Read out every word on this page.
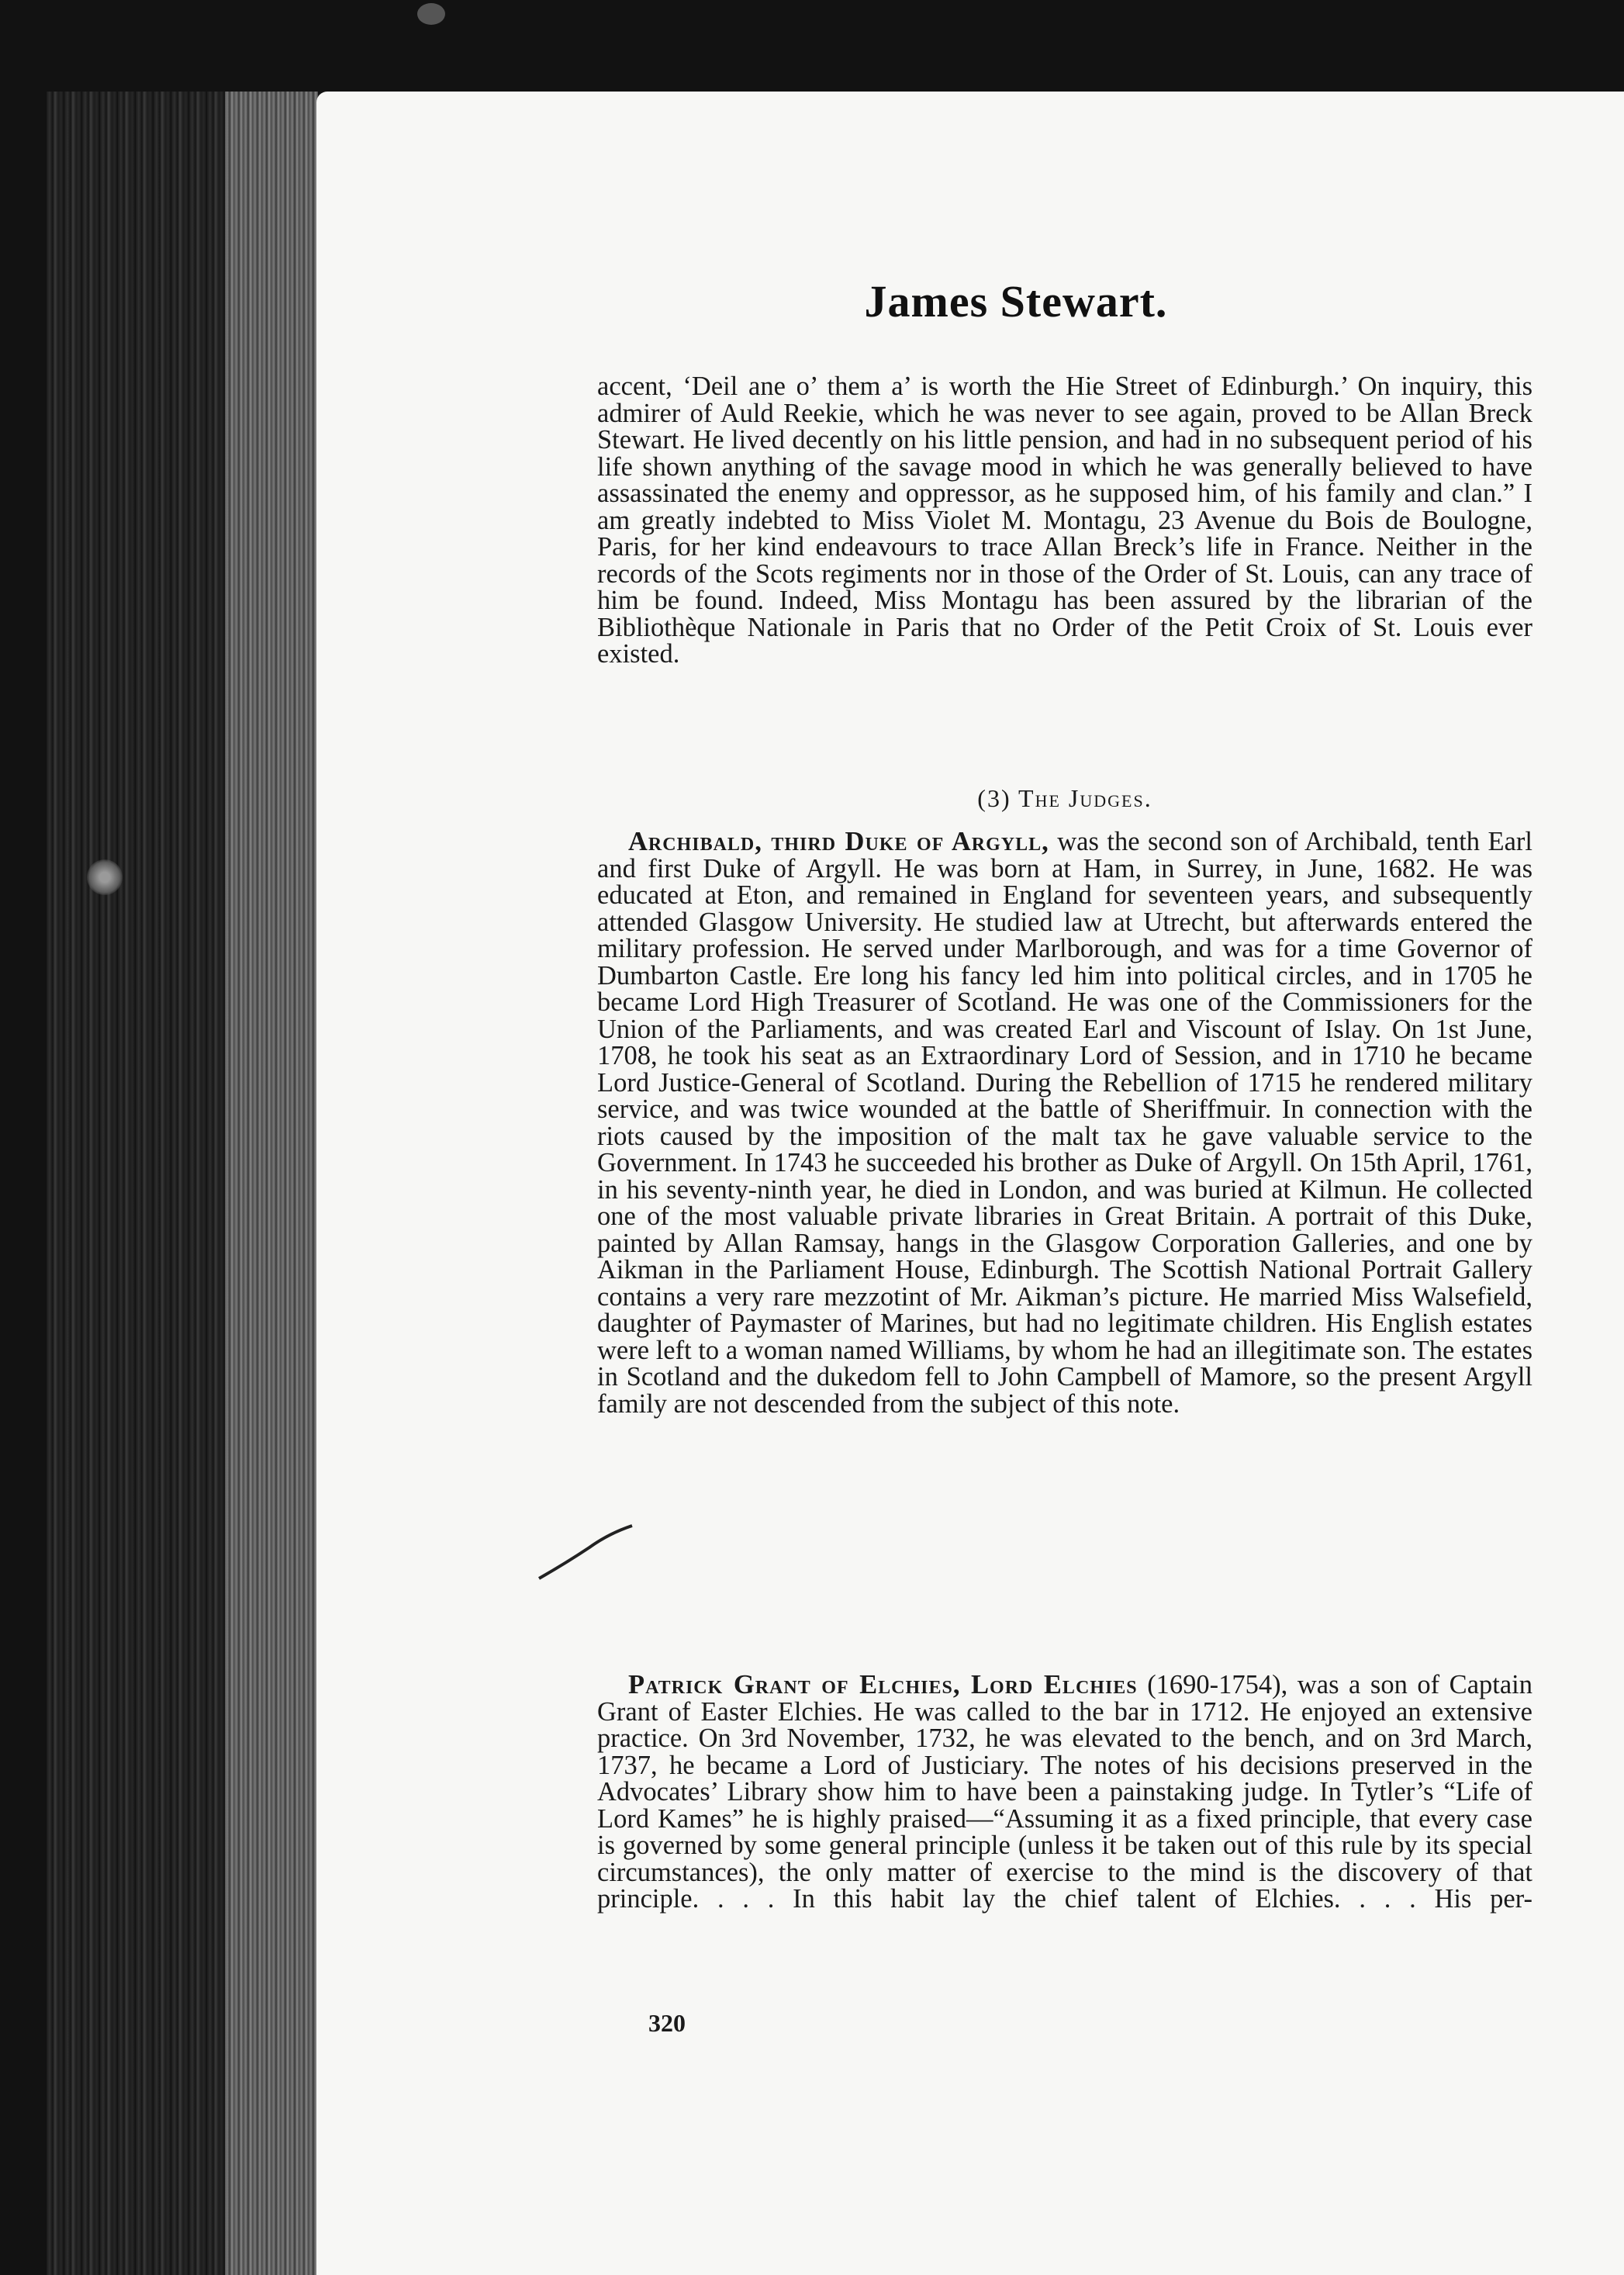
James Stewart.

accent, ‘Deil ane o’ them a’ is worth the Hie Street of Edinburgh.’ On inquiry, this admirer of Auld Reekie, which he was never to see again, proved to be Allan Breck Stewart. He lived decently on his little pension, and had in no subsequent period of his life shown anything of the savage mood in which he was generally believed to have assassinated the enemy and oppressor, as he supposed him, of his family and clan.” I am greatly indebted to Miss Violet M. Montagu, 23 Avenue du Bois de Boulogne, Paris, for her kind endeavours to trace Allan Breck’s life in France. Neither in the records of the Scots regiments nor in those of the Order of St. Louis, can any trace of him be found. Indeed, Miss Montagu has been assured by the librarian of the Bibliothèque Nationale in Paris that no Order of the Petit Croix of St. Louis ever existed.

(3) The Judges.

Archibald, third Duke of Argyll, was the second son of Archibald, tenth Earl and first Duke of Argyll. He was born at Ham, in Surrey, in June, 1682. He was educated at Eton, and remained in England for seventeen years, and subsequently attended Glasgow University. He studied law at Utrecht, but afterwards entered the military profession. He served under Marlborough, and was for a time Governor of Dumbarton Castle. Ere long his fancy led him into political circles, and in 1705 he became Lord High Treasurer of Scotland. He was one of the Commissioners for the Union of the Parliaments, and was created Earl and Viscount of Islay. On 1st June, 1708, he took his seat as an Extraordinary Lord of Session, and in 1710 he became Lord Justice-General of Scotland. During the Rebellion of 1715 he rendered military service, and was twice wounded at the battle of Sheriffmuir. In connection with the riots caused by the imposition of the malt tax he gave valuable service to the Government. In 1743 he succeeded his brother as Duke of Argyll. On 15th April, 1761, in his seventy-ninth year, he died in London, and was buried at Kilmun. He collected one of the most valuable private libraries in Great Britain. A portrait of this Duke, painted by Allan Ramsay, hangs in the Glasgow Corporation Galleries, and one by Aikman in the Parliament House, Edinburgh. The Scottish National Portrait Gallery contains a very rare mezzotint of Mr. Aikman’s picture. He married Miss Walsefield, daughter of Paymaster of Marines, but had no legitimate children. His English estates were left to a woman named Williams, by whom he had an illegitimate son. The estates in Scotland and the dukedom fell to John Campbell of Mamore, so the present Argyll family are not descended from the subject of this note.

Patrick Grant of Elchies, Lord Elchies (1690-1754), was a son of Captain Grant of Easter Elchies. He was called to the bar in 1712. He enjoyed an extensive practice. On 3rd November, 1732, he was elevated to the bench, and on 3rd March, 1737, he became a Lord of Justiciary. The notes of his decisions preserved in the Advocates’ Library show him to have been a painstaking judge. In Tytler’s “Life of Lord Kames” he is highly praised—“Assuming it as a fixed principle, that every case is governed by some general principle (unless it be taken out of this rule by its special circumstances), the only matter of exercise to the mind is the discovery of that principle. . . . In this habit lay the chief talent of Elchies. . . . His per-

320
